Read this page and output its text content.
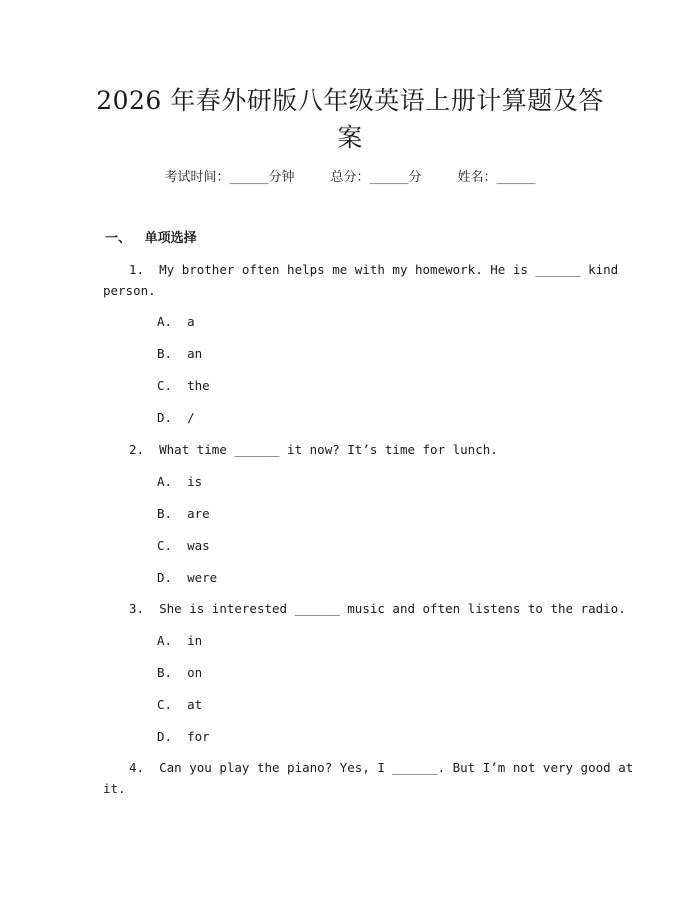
2026 年春外研版八年级英语上册计算题及答
案
考试时间：______分钟	总分：______分	姓名：______
一、 单项选择
1. My brother often helps me with my homework. He is ______ kind
person.
A.  a
B.  an
C.  the
D.  /
2. What time ______ it now? It’s time for lunch.
A.  is
B.  are
C.  was
D.  were
3. She is interested ______ music and often listens to the radio.
A.  in
B.  on
C.  at
D.  for
4. Can you play the piano? Yes, I ______. But I’m not very good at
it.
